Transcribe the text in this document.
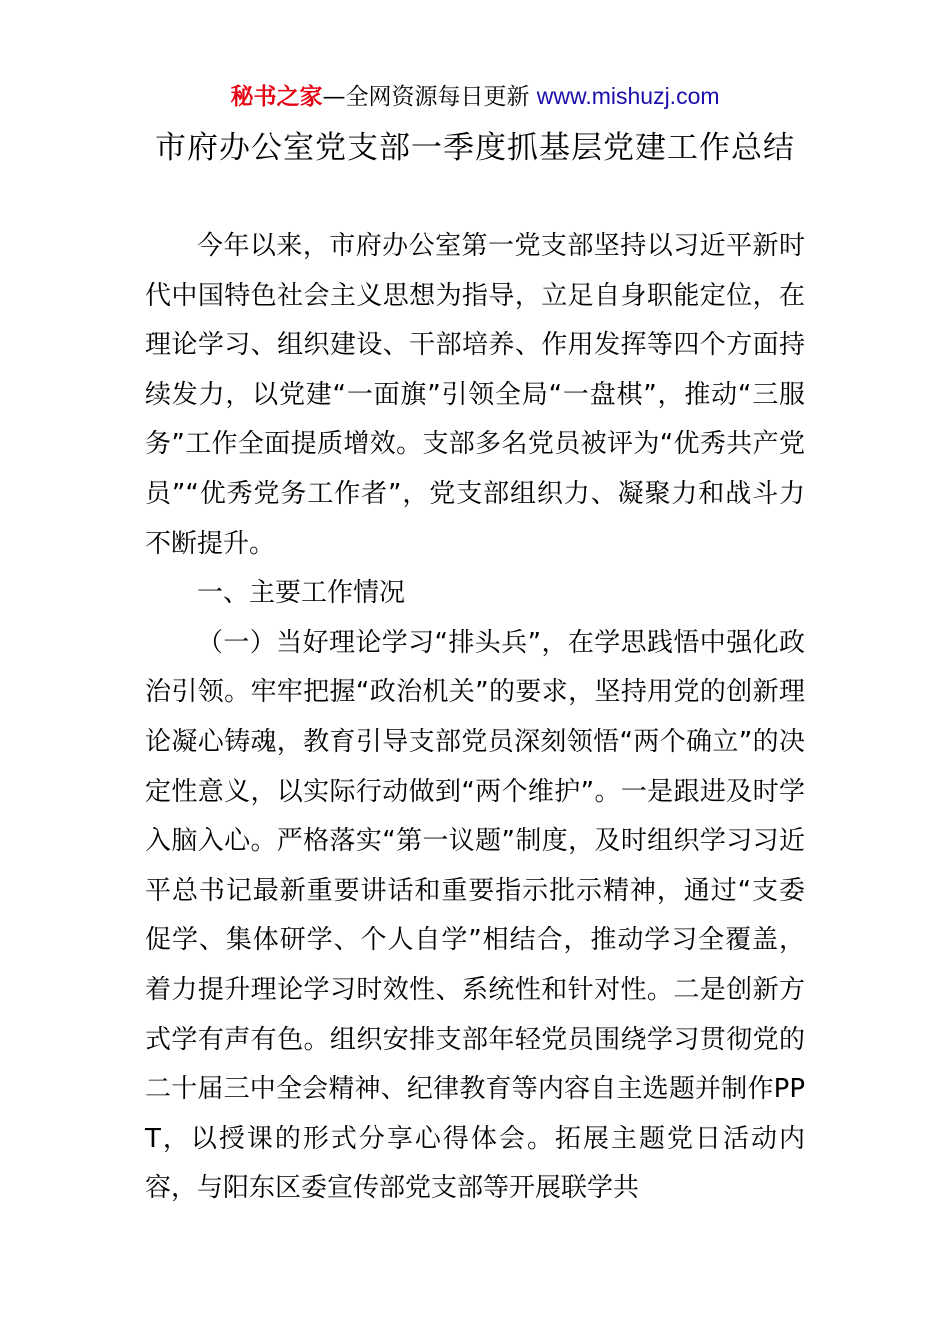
秘书之家—全网资源每日更新 www.mishuzj.com
市府办公室党支部一季度抓基层党建工作总结

今年以来，市府办公室第一党支部坚持以习近平新时代中国特色社会主义思想为指导，立足自身职能定位，在理论学习、组织建设、干部培养、作用发挥等四个方面持续发力，以党建“一面旗”引领全局“一盘棋”，推动“三服务”工作全面提质增效。支部多名党员被评为“优秀共产党员”“优秀党务工作者”，党支部组织力、凝聚力和战斗力不断提升。

一、主要工作情况

（一）当好理论学习“排头兵”，在学思践悟中强化政治引领。牢牢把握“政治机关”的要求，坚持用党的创新理论凝心铸魂，教育引导支部党员深刻领悟“两个确立”的决定性意义，以实际行动做到“两个维护”。一是跟进及时学入脑入心。严格落实“第一议题”制度，及时组织学习习近平总书记最新重要讲话和重要指示批示精神，通过“支委促学、集体研学、个人自学”相结合，推动学习全覆盖，着力提升理论学习时效性、系统性和针对性。二是创新方式学有声有色。组织安排支部年轻党员围绕学习贯彻党的二十届三中全会精神、纪律教育等内容自主选题并制作PPT，以授课的形式分享心得体会。拓展主题党日活动内容，与阳东区委宣传部党支部等开展联学共
